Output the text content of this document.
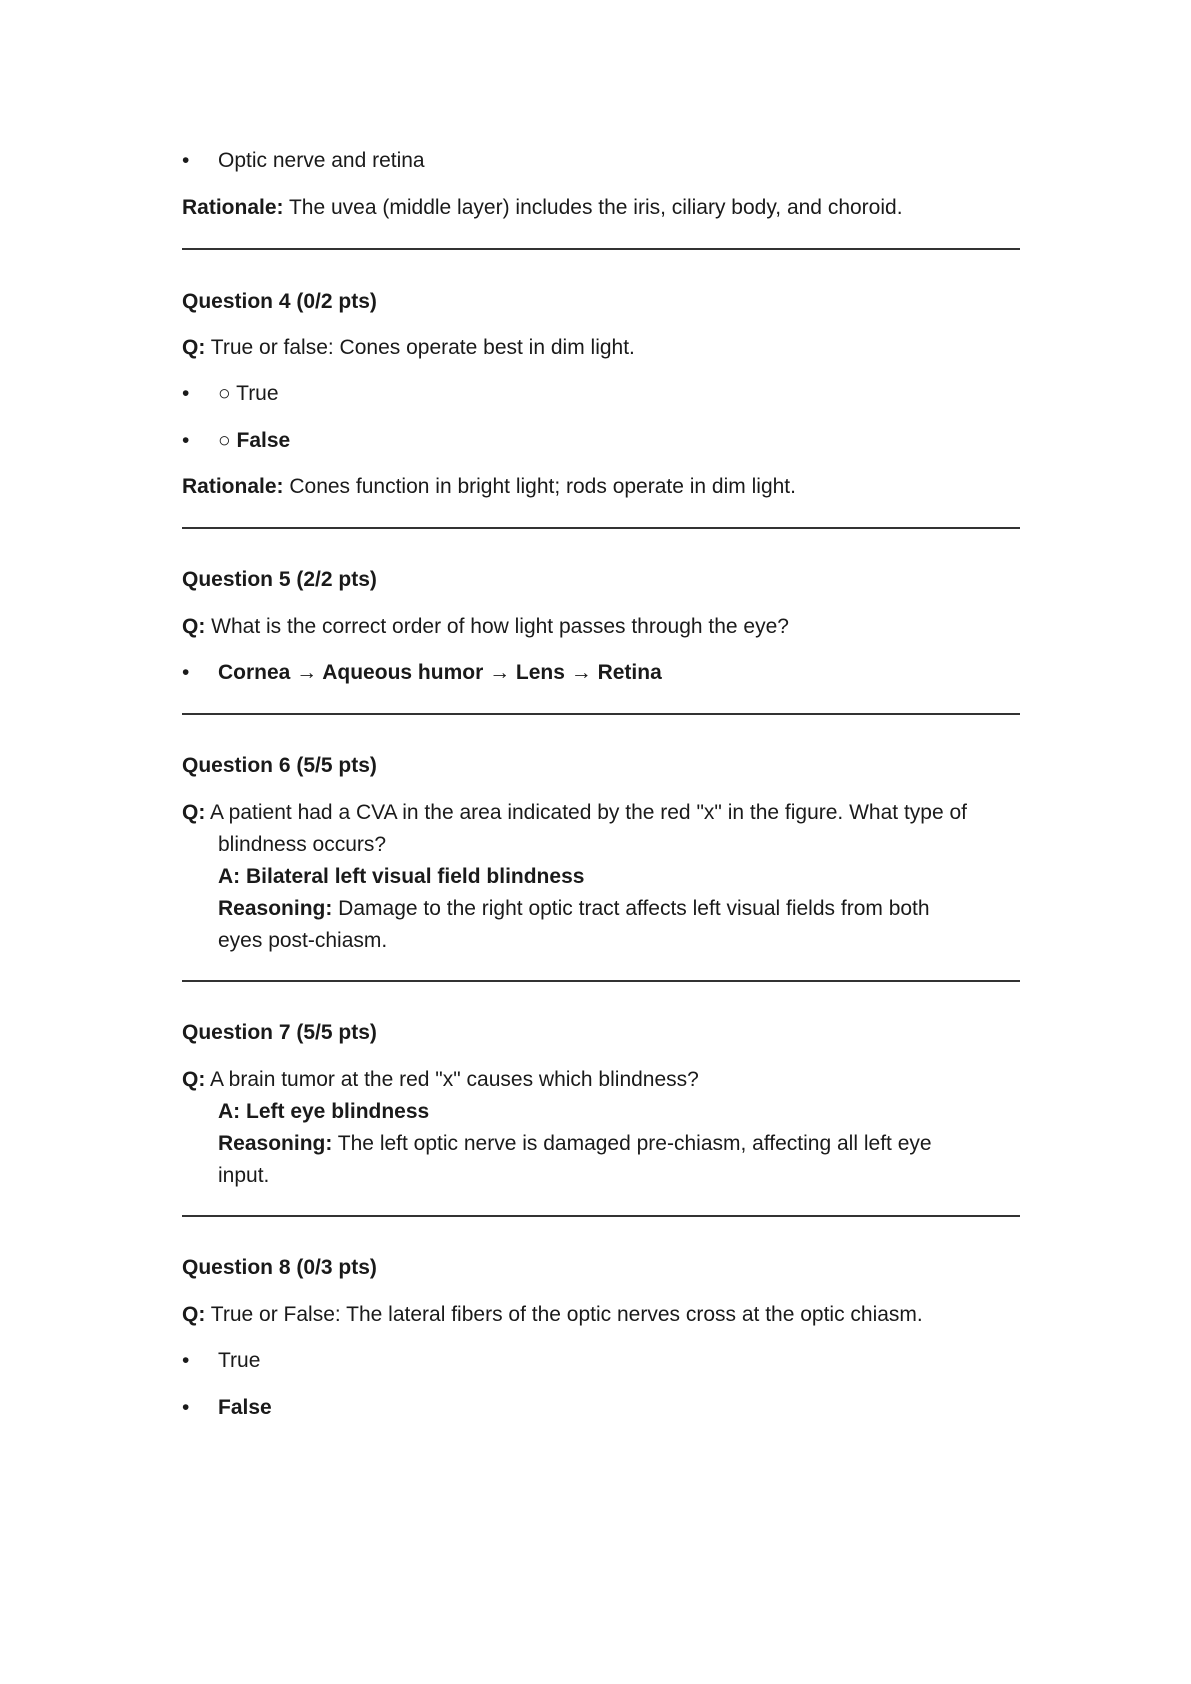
• Optic nerve and retina
Rationale: The uvea (middle layer) includes the iris, ciliary body, and choroid.
Question 4 (0/2 pts)
Q: True or false: Cones operate best in dim light.
• ○ True
• ○ False
Rationale: Cones function in bright light; rods operate in dim light.
Question 5 (2/2 pts)
Q: What is the correct order of how light passes through the eye?
• Cornea → Aqueous humor → Lens → Retina
Question 6 (5/5 pts)
Q: A patient had a CVA in the area indicated by the red "x" in the figure. What type of
blindness occurs?
A: Bilateral left visual field blindness
Reasoning: Damage to the right optic tract affects left visual fields from both
eyes post-chiasm.
Question 7 (5/5 pts)
Q: A brain tumor at the red "x" causes which blindness?
A: Left eye blindness
Reasoning: The left optic nerve is damaged pre-chiasm, affecting all left eye
input.
Question 8 (0/3 pts)
Q: True or False: The lateral fibers of the optic nerves cross at the optic chiasm.
• True
• False
